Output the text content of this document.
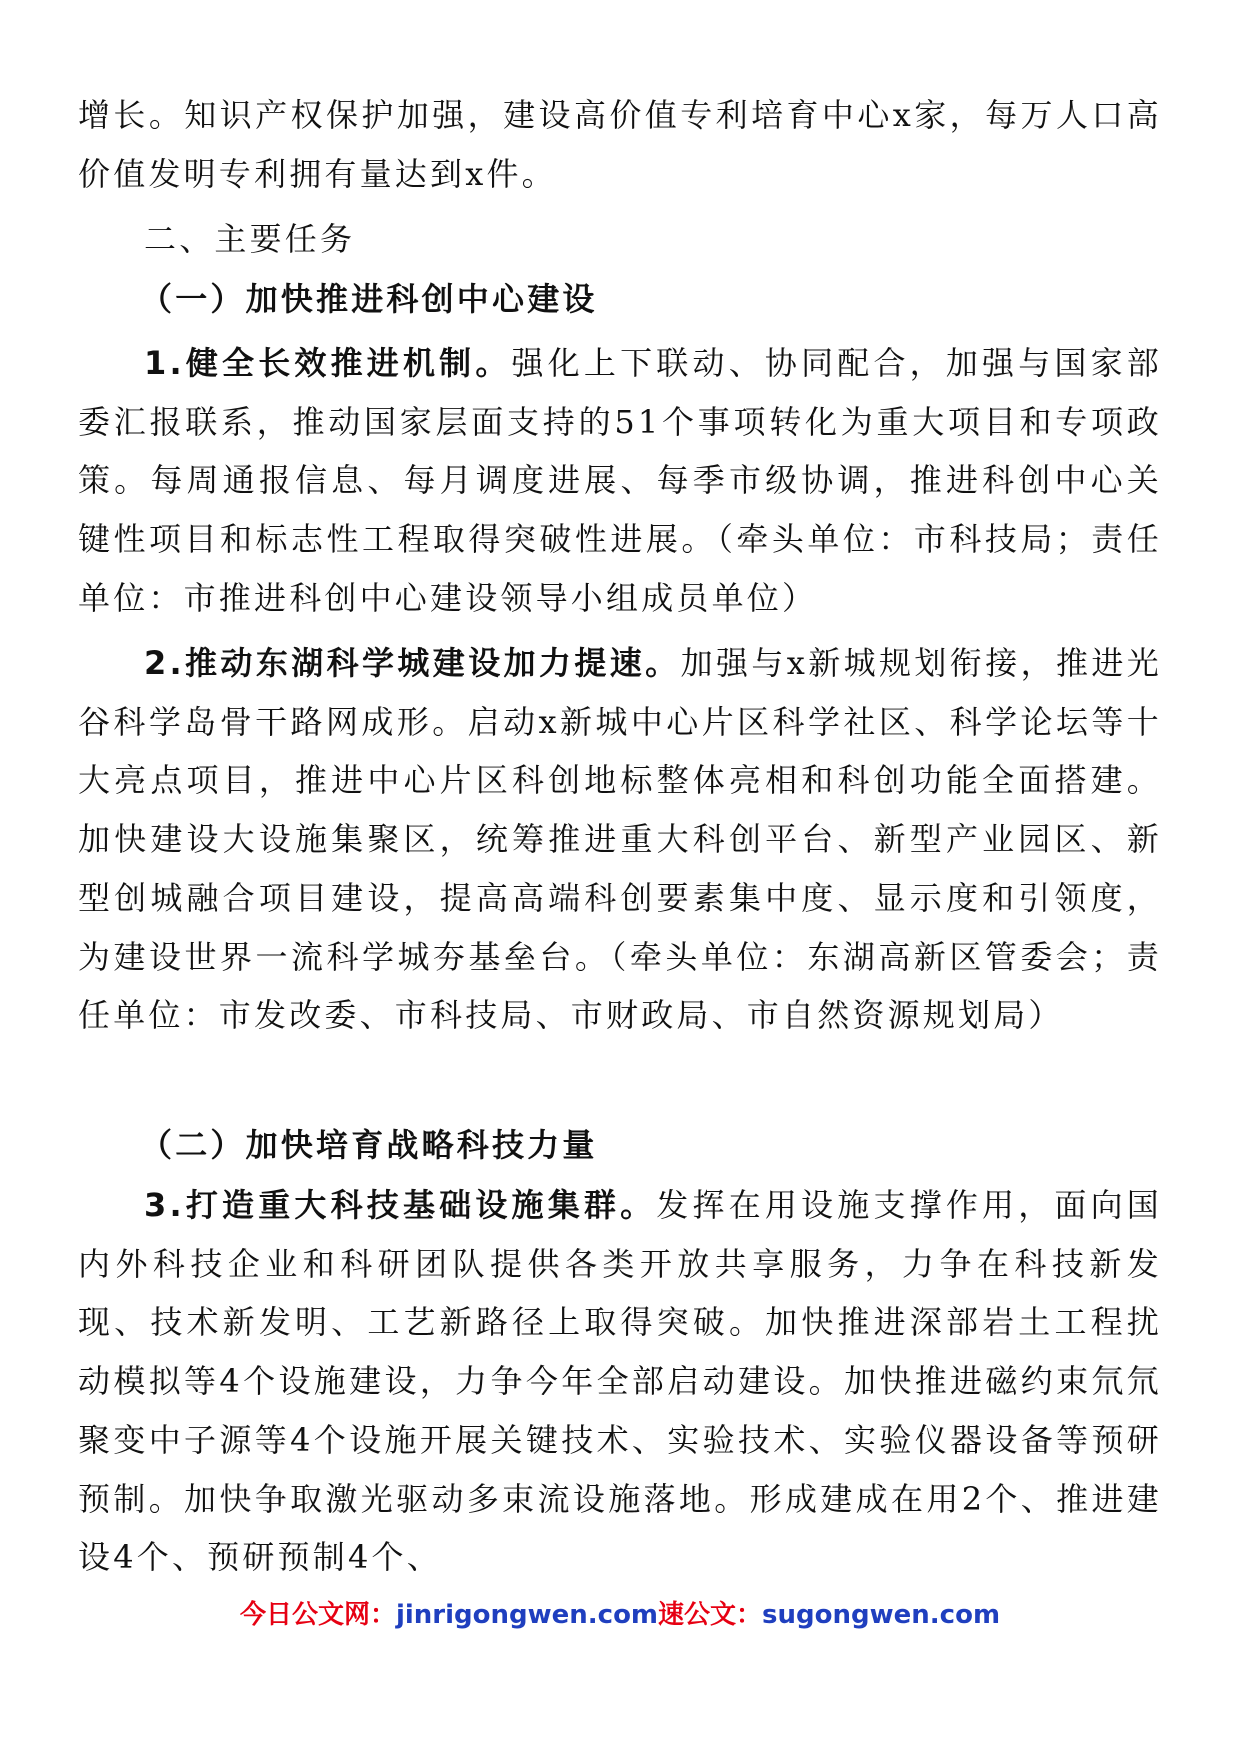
增长。知识产权保护加强，建设高价值专利培育中心x家，每万人口高价值发明专利拥有量达到x件。

二、主要任务

（一）加快推进科创中心建设

1.健全长效推进机制。强化上下联动、协同配合，加强与国家部委汇报联系，推动国家层面支持的51个事项转化为重大项目和专项政策。每周通报信息、每月调度进展、每季市级协调，推进科创中心关键性项目和标志性工程取得突破性进展。（牵头单位：市科技局；责任单位：市推进科创中心建设领导小组成员单位）

2.推动东湖科学城建设加力提速。加强与x新城规划衔接，推进光谷科学岛骨干路网成形。启动x新城中心片区科学社区、科学论坛等十大亮点项目，推进中心片区科创地标整体亮相和科创功能全面搭建。加快建设大设施集聚区，统筹推进重大科创平台、新型产业园区、新型创城融合项目建设，提高高端科创要素集中度、显示度和引领度，为建设世界一流科学城夯基垒台。（牵头单位：东湖高新区管委会；责任单位：市发改委、市科技局、市财政局、市自然资源规划局）

（二）加快培育战略科技力量

3.打造重大科技基础设施集群。发挥在用设施支撑作用，面向国内外科技企业和科研团队提供各类开放共享服务，力争在科技新发现、技术新发明、工艺新路径上取得突破。加快推进深部岩土工程扰动模拟等4个设施建设，力争今年全部启动建设。加快推进磁约束氘氘聚变中子源等4个设施开展关键技术、实验技术、实验仪器设备等预研预制。加快争取激光驱动多束流设施落地。形成建成在用2个、推进建设4个、预研预制4个、

今日公文网：jinrigongwen.com速公文：sugongwen.com
